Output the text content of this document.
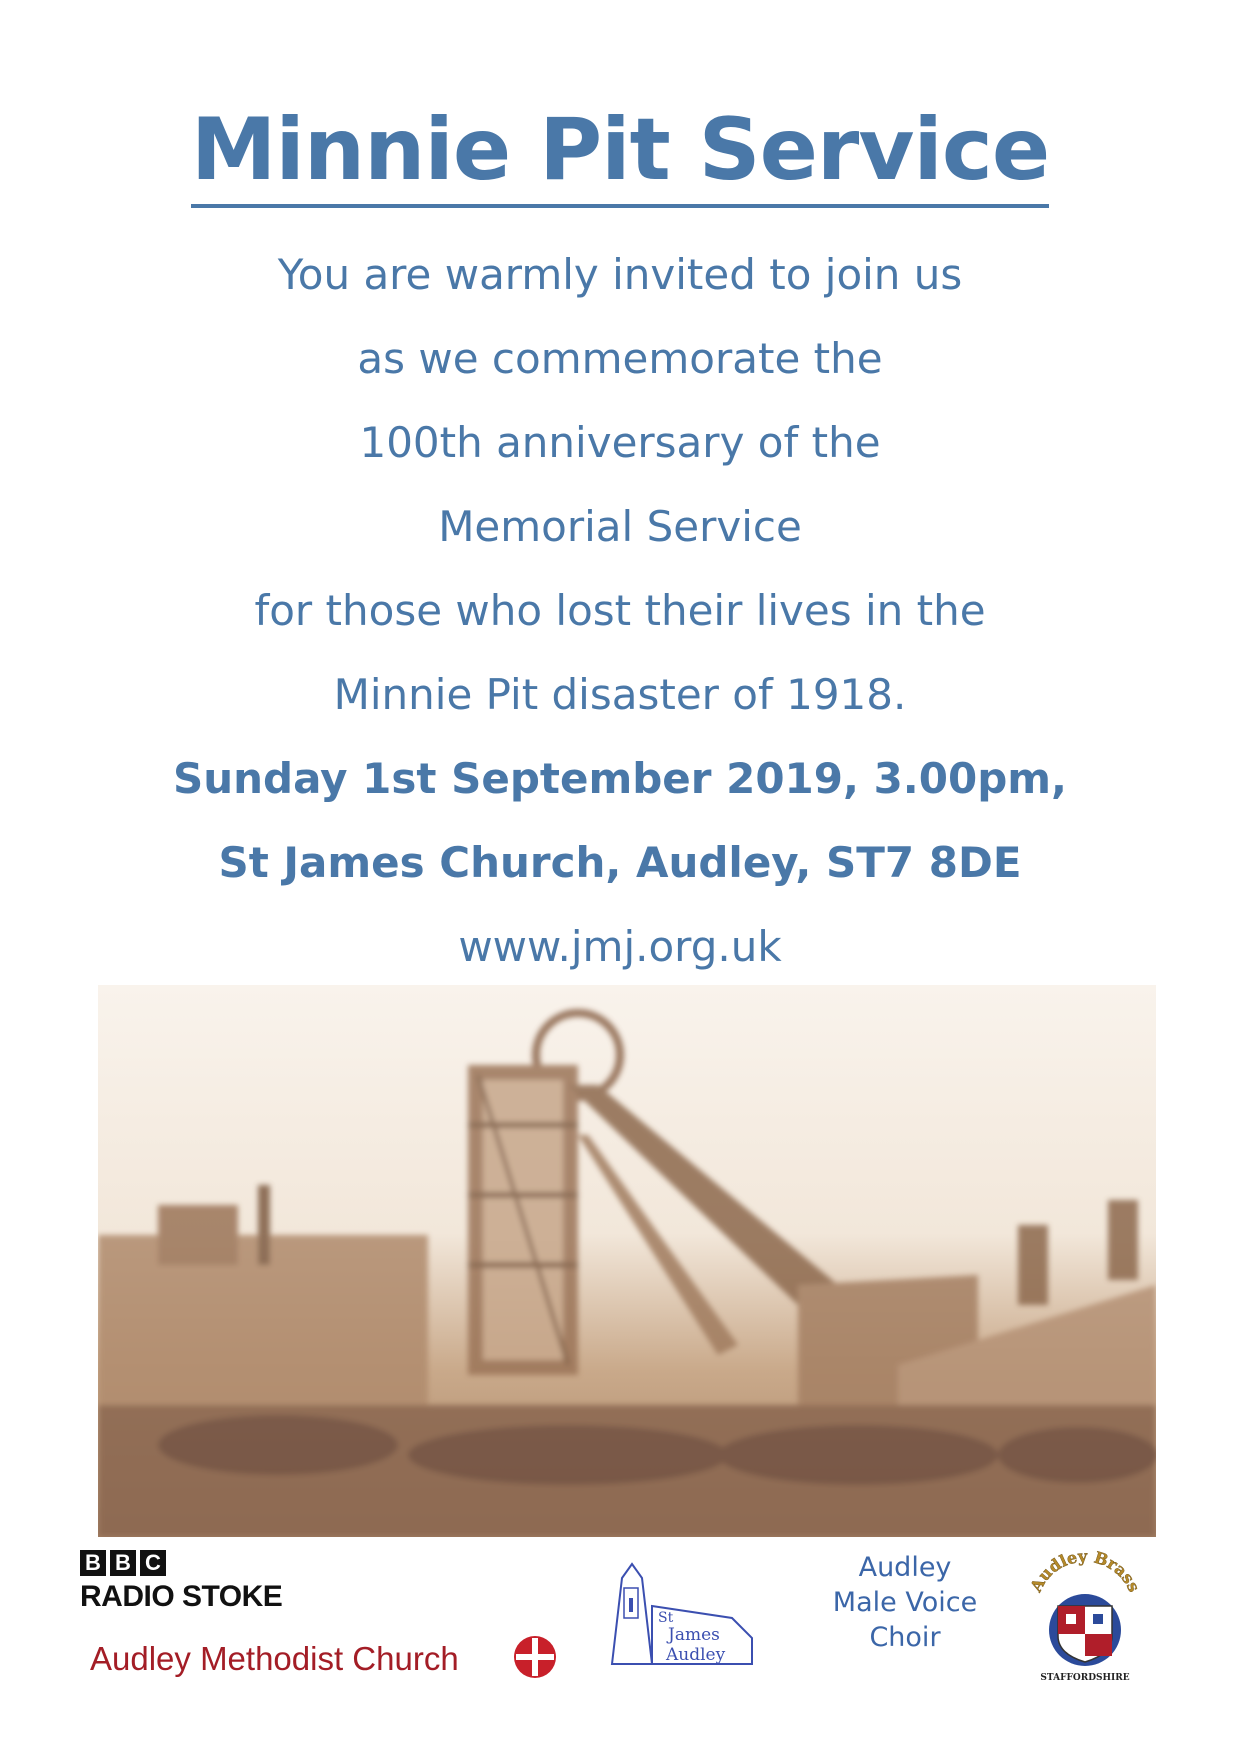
Minnie Pit Service

You are warmly invited to join us

as we commemorate the

100th anniversary of the

Memorial Service

for those who lost their lives in the

Minnie Pit disaster of 1918.

Sunday 1st September 2019, 3.00pm,

St James Church, Audley, ST7 8DE

www.jmj.org.uk

B B C
RADIO STOKE
Audley Methodist Church
St
James
Audley
Audley
Male Voice
Choir
Audley Brass
STAFFORDSHIRE
